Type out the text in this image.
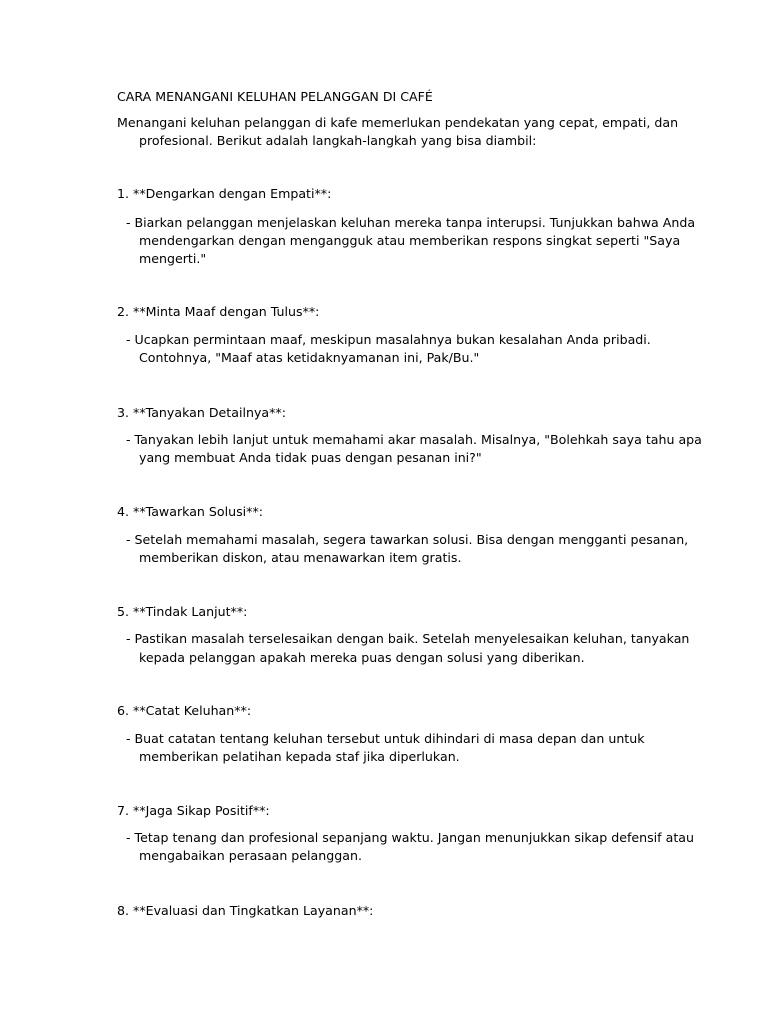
CARA MENANGANI KELUHAN PELANGGAN DI CAFÉ
Menangani keluhan pelanggan di kafe memerlukan pendekatan yang cepat, empati, dan
profesional. Berikut adalah langkah-langkah yang bisa diambil:
1. **Dengarkan dengan Empati**:
- Biarkan pelanggan menjelaskan keluhan mereka tanpa interupsi. Tunjukkan bahwa Anda
mendengarkan dengan mengangguk atau memberikan respons singkat seperti "Saya
mengerti."
2. **Minta Maaf dengan Tulus**:
- Ucapkan permintaan maaf, meskipun masalahnya bukan kesalahan Anda pribadi.
Contohnya, "Maaf atas ketidaknyamanan ini, Pak/Bu."
3. **Tanyakan Detailnya**:
- Tanyakan lebih lanjut untuk memahami akar masalah. Misalnya, "Bolehkah saya tahu apa
yang membuat Anda tidak puas dengan pesanan ini?"
4. **Tawarkan Solusi**:
- Setelah memahami masalah, segera tawarkan solusi. Bisa dengan mengganti pesanan,
memberikan diskon, atau menawarkan item gratis.
5. **Tindak Lanjut**:
- Pastikan masalah terselesaikan dengan baik. Setelah menyelesaikan keluhan, tanyakan
kepada pelanggan apakah mereka puas dengan solusi yang diberikan.
6. **Catat Keluhan**:
- Buat catatan tentang keluhan tersebut untuk dihindari di masa depan dan untuk
memberikan pelatihan kepada staf jika diperlukan.
7. **Jaga Sikap Positif**:
- Tetap tenang dan profesional sepanjang waktu. Jangan menunjukkan sikap defensif atau
mengabaikan perasaan pelanggan.
8. **Evaluasi dan Tingkatkan Layanan**:
